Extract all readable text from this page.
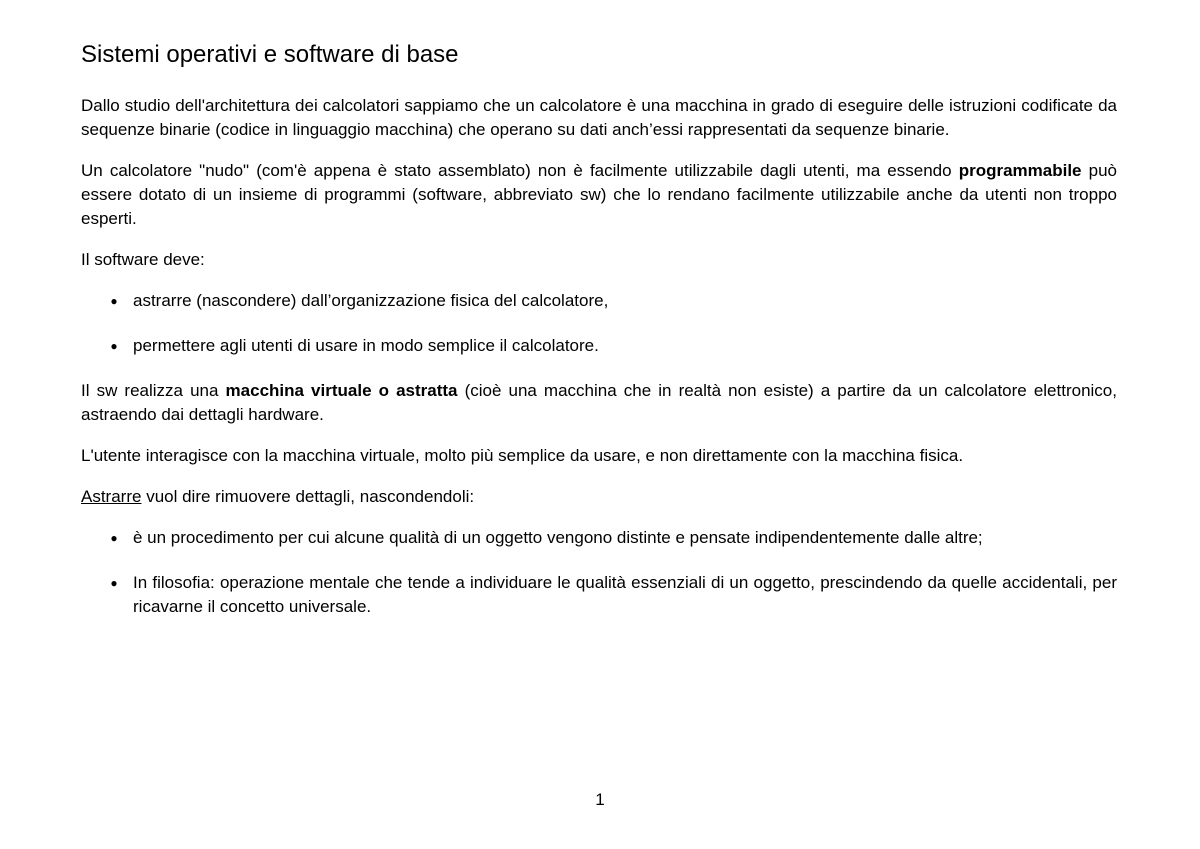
Sistemi operativi e software di base

Dallo studio dell'architettura dei calcolatori sappiamo che un calcolatore è una macchina in grado di eseguire delle istruzioni codificate da sequenze binarie (codice in linguaggio macchina) che operano su dati anch’essi rappresentati da sequenze binarie.

Un calcolatore "nudo" (com'è appena è stato assemblato) non è facilmente utilizzabile dagli utenti, ma essendo programmabile può essere dotato di un insieme di programmi (software, abbreviato sw) che lo rendano facilmente utilizzabile anche da utenti non troppo esperti.

Il software deve:

● astrarre (nascondere) dall’organizzazione fisica del calcolatore,
● permettere agli utenti di usare in modo semplice il calcolatore.

Il sw realizza una macchina virtuale o astratta (cioè una macchina che in realtà non esiste) a partire da un calcolatore elettronico, astraendo dai dettagli hardware.

L'utente interagisce con la macchina virtuale, molto più semplice da usare, e non direttamente con la macchina fisica.

Astrarre vuol dire rimuovere dettagli, nascondendoli:

● è un procedimento per cui alcune qualità di un oggetto vengono distinte e pensate indipendentemente dalle altre;
● In filosofia: operazione mentale che tende a individuare le qualità essenziali di un oggetto, prescindendo da quelle accidentali, per ricavarne il concetto universale.
1
